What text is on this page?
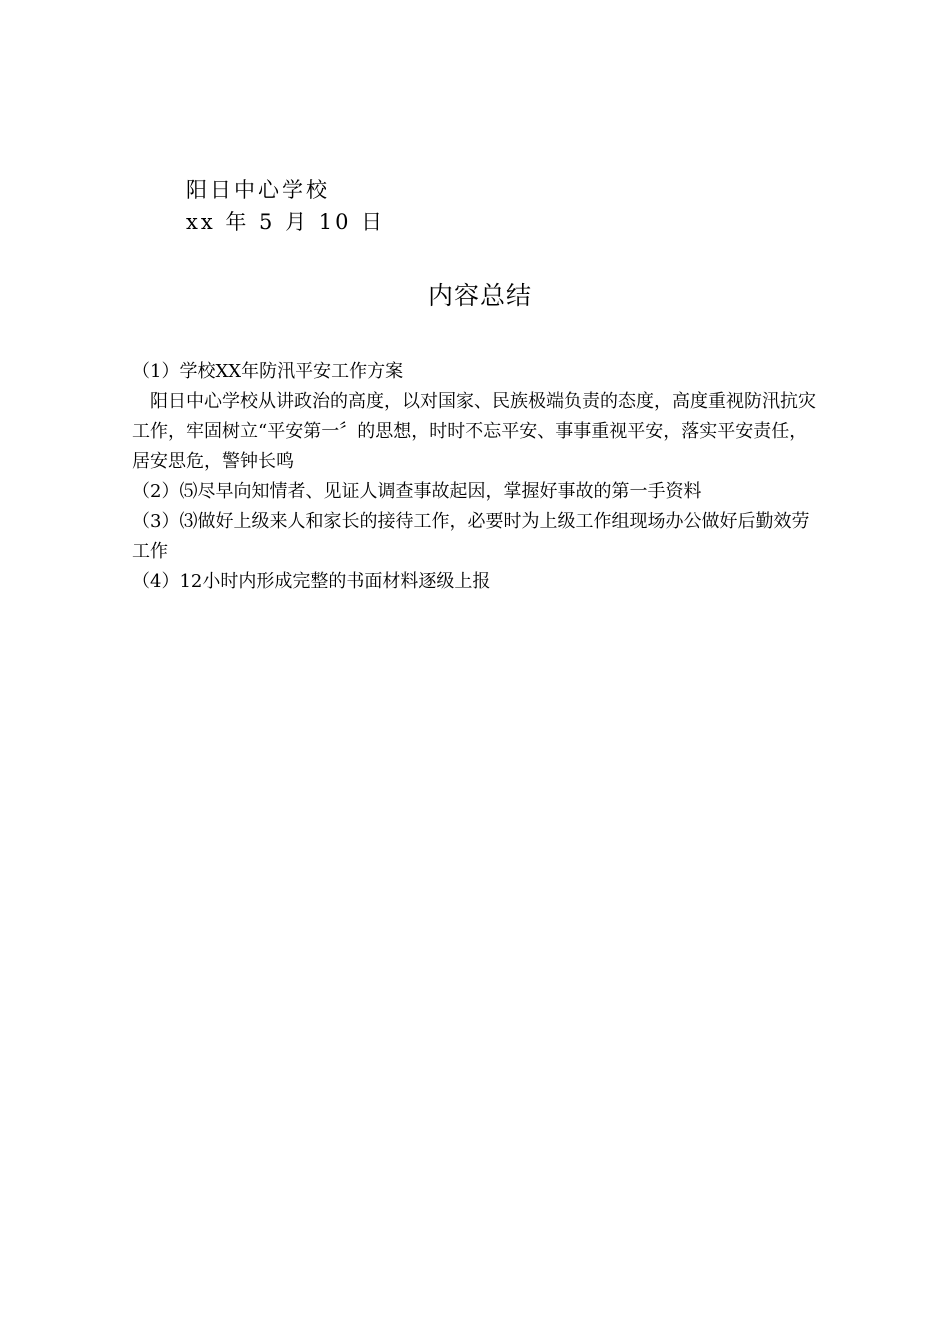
阳日中心学校
xx 年 5 月 10 日
内容总结

（1）学校XX年防汛平安工作方案

阳日中心学校从讲政治的高度，以对国家、民族极端负责的态度，高度重视防汛抗灾工作，牢固树立“平安第一〞的思想，时时不忘平安、事事重视平安，落实平安责任，居安思危，警钟长鸣

（2）⑸尽早向知情者、见证人调查事故起因，掌握好事故的第一手资料

（3）⑶做好上级来人和家长的接待工作，必要时为上级工作组现场办公做好后勤效劳工作

（4）12小时内形成完整的书面材料逐级上报
